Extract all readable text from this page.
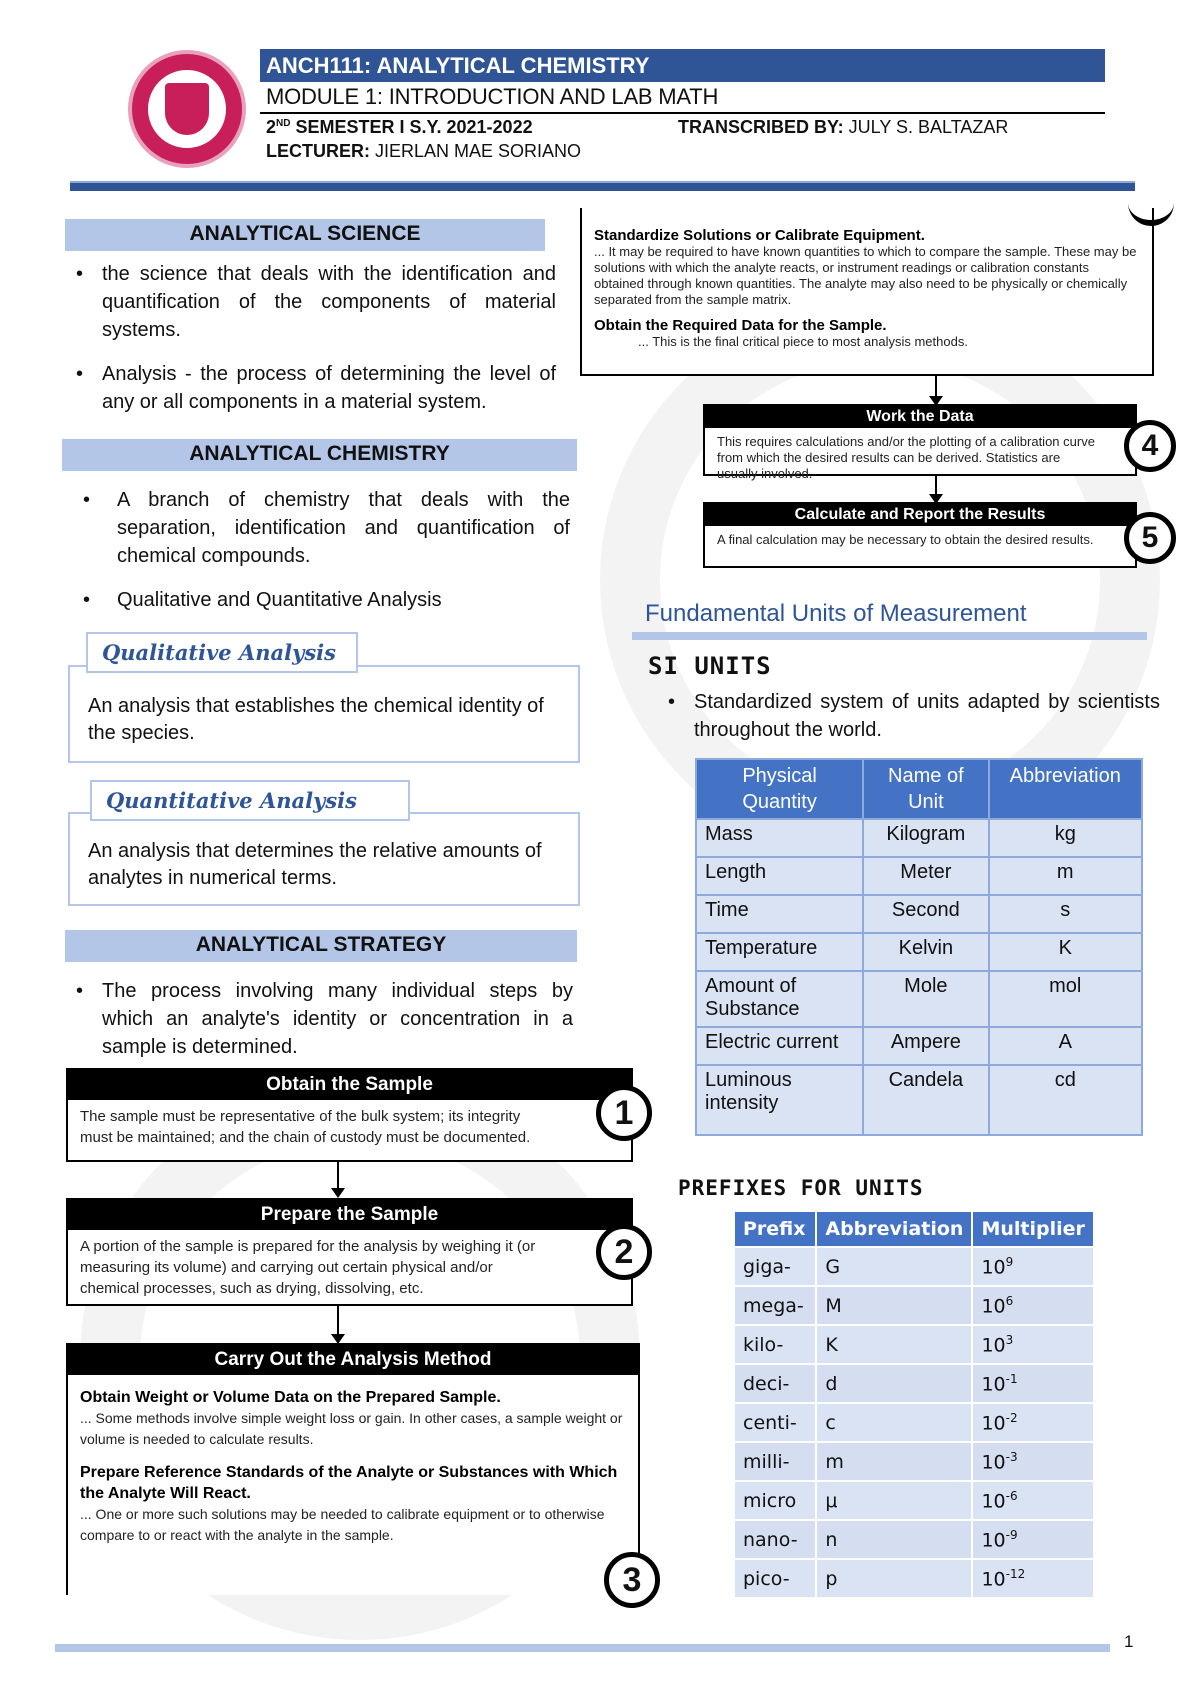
ANCH111: ANALYTICAL CHEMISTRY
MODULE 1: INTRODUCTION AND LAB MATH
2ND SEMESTER I S.Y. 2021-2022	TRANSCRIBED BY: JULY S. BALTAZAR
LECTURER: JIERLAN MAE SORIANO
ANALYTICAL SCIENCE
• the science that deals with the identification and quantification of the components of material systems.
• Analysis - the process of determining the level of any or all components in a material system.
ANALYTICAL CHEMISTRY
• A branch of chemistry that deals with the separation, identification and quantification of chemical compounds.
• Qualitative and Quantitative Analysis
An analysis that establishes the chemical identity of the species.
Qualitative Analysis
An analysis that determines the relative amounts of analytes in numerical terms.
Quantitative Analysis
ANALYTICAL STRATEGY
• The process involving many individual steps by which an analyte's identity or concentration in a sample is determined.
Obtain the Sample
The sample must be representative of the bulk system; its integrity must be maintained; and the chain of custody must be documented.
1
Prepare the Sample
A portion of the sample is prepared for the analysis by weighing it (or measuring its volume) and carrying out certain physical and/or chemical processes, such as drying, dissolving, etc.
2
Carry Out the Analysis Method
Obtain Weight or Volume Data on the Prepared Sample.
... Some methods involve simple weight loss or gain. In other cases, a sample weight or volume is needed to calculate results.
Prepare Reference Standards of the Analyte or Substances with Which the Analyte Will React.
... One or more such solutions may be needed to calibrate equipment or to otherwise compare to or react with the analyte in the sample.
3
Standardize Solutions or Calibrate Equipment.
... It may be required to have known quantities to which to compare the sample. These may be solutions with which the analyte reacts, or instrument readings or calibration constants obtained through known quantities. The analyte may also need to be physically or chemically separated from the sample matrix.
Obtain the Required Data for the Sample.
... This is the final critical piece to most analysis methods.
Work the Data
This requires calculations and/or the plotting of a calibration curve from which the desired results can be derived. Statistics are usually involved.
4
Calculate and Report the Results
A final calculation may be necessary to obtain the desired results.	5
Fundamental Units of Measurement
SI UNITS
• Standardized system of units adapted by scientists throughout the world.
Physical Quantity	Name of Unit	Abbreviation
Mass	Kilogram	kg
Length	Meter	m
Time	Second	s
Temperature	Kelvin	K
Amount of Substance	Mole	mol
Electric current	Ampere	A
Luminous intensity	Candela	cd
PREFIXES FOR UNITS
Prefix	Abbreviation	Multiplier
giga-	G	$10^9$
mega-	M	$10^6$
kilo-	K	$10^3$
deci-	d	$10^{-1}$
centi-	c	$10^{-2}$
milli-	m	$10^{-3}$
micro	μ	$10^{-6}$
nano-	n	$10^{-9}$
pico-	p	$10^{-12}$
1
